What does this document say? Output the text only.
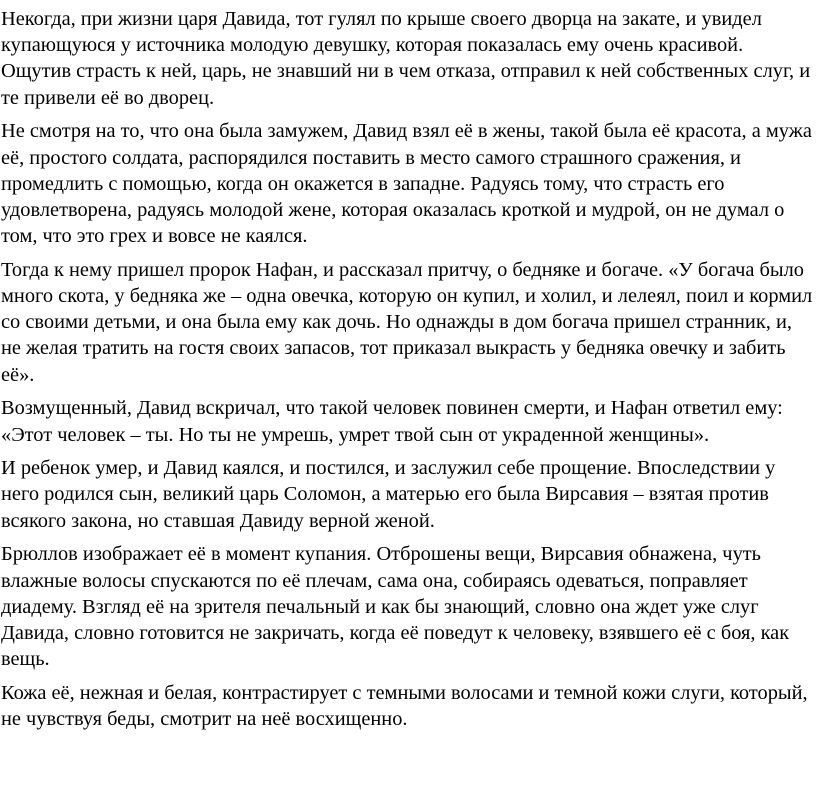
Некогда, при жизни царя Давида, тот гулял по крыше своего дворца на закате, и увидел купающуюся у источника молодую девушку, которая показалась ему очень красивой. Ощутив страсть к ней, царь, не знавший ни в чем отказа, отправил к ней собственных слуг, и те привели её во дворец.

Не смотря на то, что она была замужем, Давид взял её в жены, такой была её красота, а мужа её, простого солдата, распорядился поставить в место самого страшного сражения, и промедлить с помощью, когда он окажется в западне. Радуясь тому, что страсть его удовлетворена, радуясь молодой жене, которая оказалась кроткой и мудрой, он не думал о том, что это грех и вовсе не каялся.

Тогда к нему пришел пророк Нафан, и рассказал притчу, о бедняке и богаче. «У богача было много скота, у бедняка же – одна овечка, которую он купил, и холил, и лелеял, поил и кормил со своими детьми, и она была ему как дочь. Но однажды в дом богача пришел странник, и, не желая тратить на гостя своих запасов, тот приказал выкрасть у бедняка овечку и забить её».

Возмущенный, Давид вскричал, что такой человек повинен смерти, и Нафан ответил ему: «Этот человек – ты. Но ты не умрешь, умрет твой сын от украденной женщины».

И ребенок умер, и Давид каялся, и постился, и заслужил себе прощение. Впоследствии у него родился сын, великий царь Соломон, а матерью его была Вирсавия – взятая против всякого закона, но ставшая Давиду верной женой.

Брюллов изображает её в момент купания. Отброшены вещи, Вирсавия обнажена, чуть влажные волосы спускаются по её плечам, сама она, собираясь одеваться, поправляет диадему. Взгляд её на зрителя печальный и как бы знающий, словно она ждет уже слуг Давида, словно готовится не закричать, когда её поведут к человеку, взявшего её с боя, как вещь.

Кожа её, нежная и белая, контрастирует с темными волосами и темной кожи слуги, который, не чувствуя беды, смотрит на неё восхищенно.
